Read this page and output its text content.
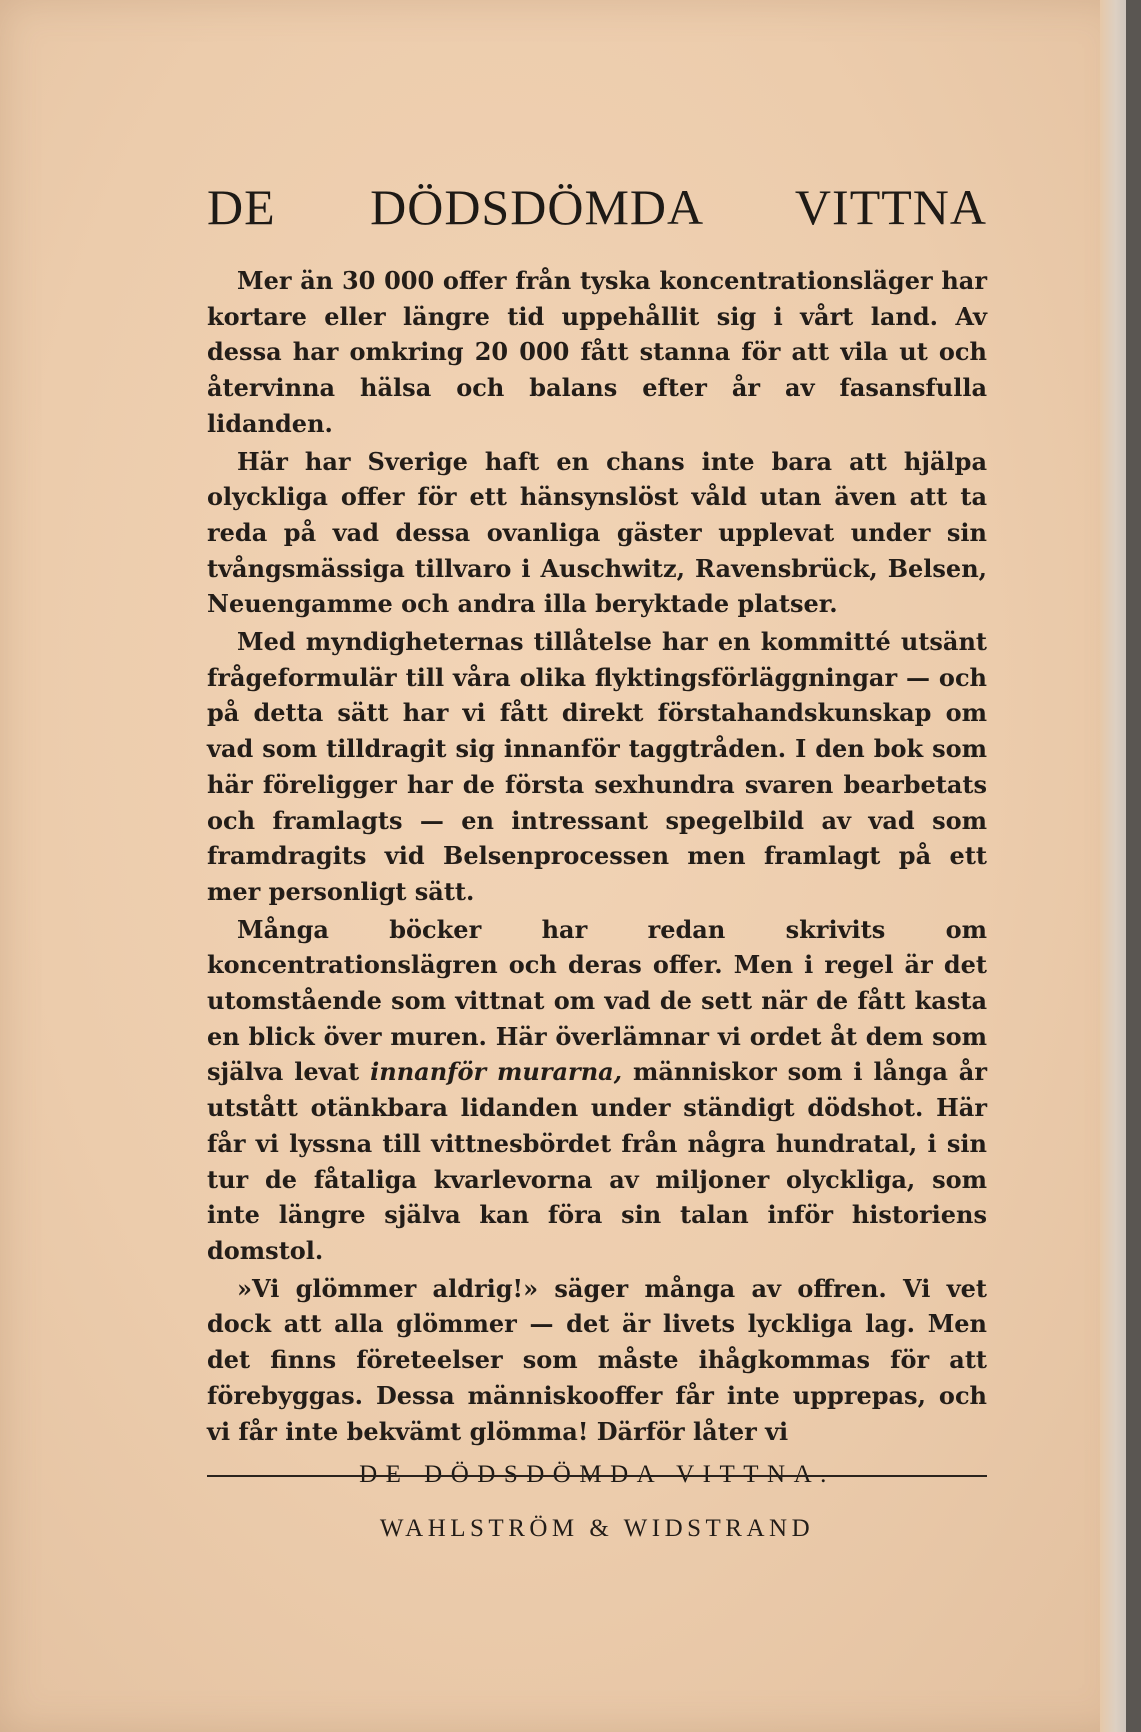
DE DÖDSDÖMDA VITTNA

Mer än 30 000 offer från tyska koncentrationsläger har kortare eller längre tid uppehållit sig i vårt land. Av dessa har omkring 20 000 fått stanna för att vila ut och återvinna hälsa och balans efter år av fasansfulla lidanden.

Här har Sverige haft en chans inte bara att hjälpa olyckliga offer för ett hänsynslöst våld utan även att ta reda på vad dessa ovanliga gäster upplevat under sin tvångsmässiga tillvaro i Auschwitz, Ravensbrück, Belsen, Neuengamme och andra illa beryktade platser.

Med myndigheternas tillåtelse har en kommitté utsänt frågeformulär till våra olika flyktingsförläggningar — och på detta sätt har vi fått direkt förstahandskunskap om vad som tilldragit sig innanför taggtråden. I den bok som här föreligger har de första sexhundra svaren bearbetats och framlagts — en intressant spegelbild av vad som framdragits vid Belsenprocessen men framlagt på ett mer personligt sätt.

Många böcker har redan skrivits om koncentrationslägren och deras offer. Men i regel är det utomstående som vittnat om vad de sett när de fått kasta en blick över muren. Här överlämnar vi ordet åt dem som själva levat innanför murarna, människor som i långa år utstått otänkbara lidanden under ständigt dödshot. Här får vi lyssna till vittnesbördet från några hundratal, i sin tur de fåtaliga kvarlevorna av miljoner olyckliga, som inte längre själva kan föra sin talan inför historiens domstol.

»Vi glömmer aldrig!» säger många av offren. Vi vet dock att alla glömmer — det är livets lyckliga lag. Men det finns företeelser som måste ihågkommas för att förebyggas. Dessa människooffer får inte upprepas, och vi får inte bekvämt glömma! Därför låter vi

DE DÖDSDÖMDA VITTNA.
WAHLSTRÖM & WIDSTRAND
